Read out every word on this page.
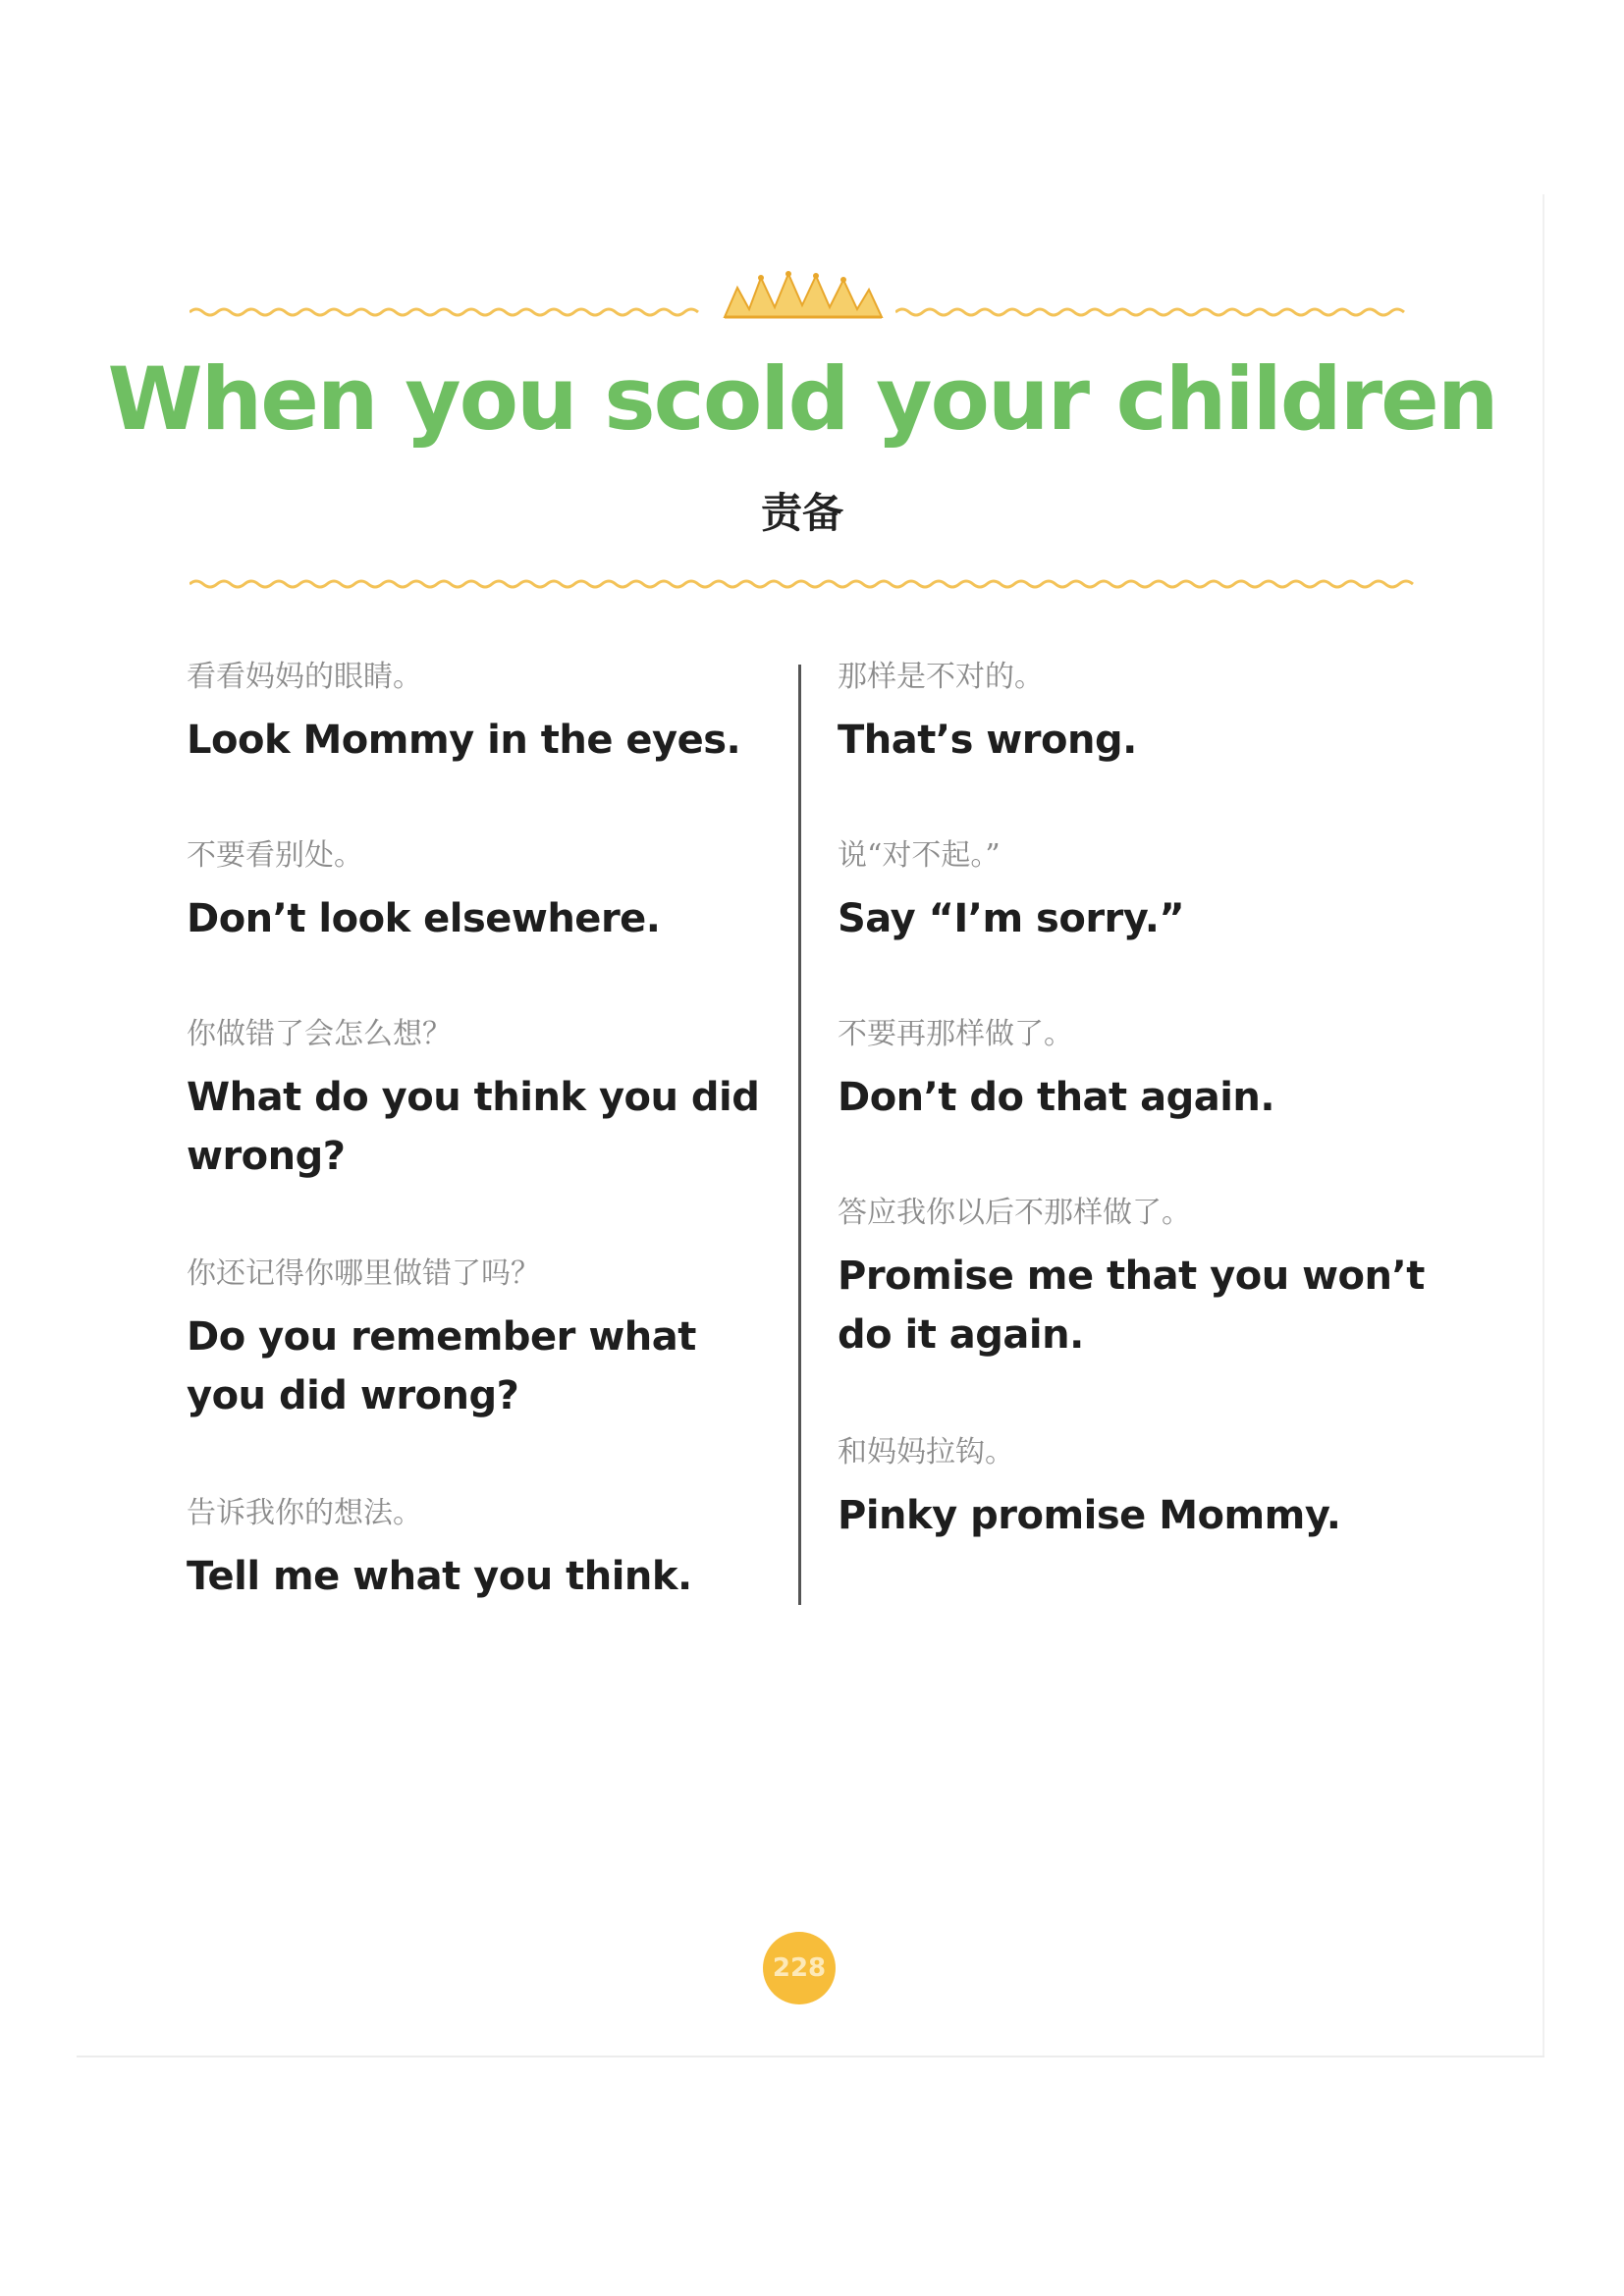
When you scold your children
责备
看看妈妈的眼睛。
Look Mommy in the eyes.
不要看别处。
Don’t look elsewhere.
你做错了会怎么想？
What do you think you did wrong?
你还记得你哪里做错了吗？
Do you remember what you did wrong?
告诉我你的想法。
Tell me what you think.
那样是不对的。
That’s wrong.
说“对不起。”
Say “I’m sorry.”
不要再那样做了。
Don’t do that again.
答应我你以后不那样做了。
Promise me that you won’t do it again.
和妈妈拉钩。
Pinky promise Mommy.
228
